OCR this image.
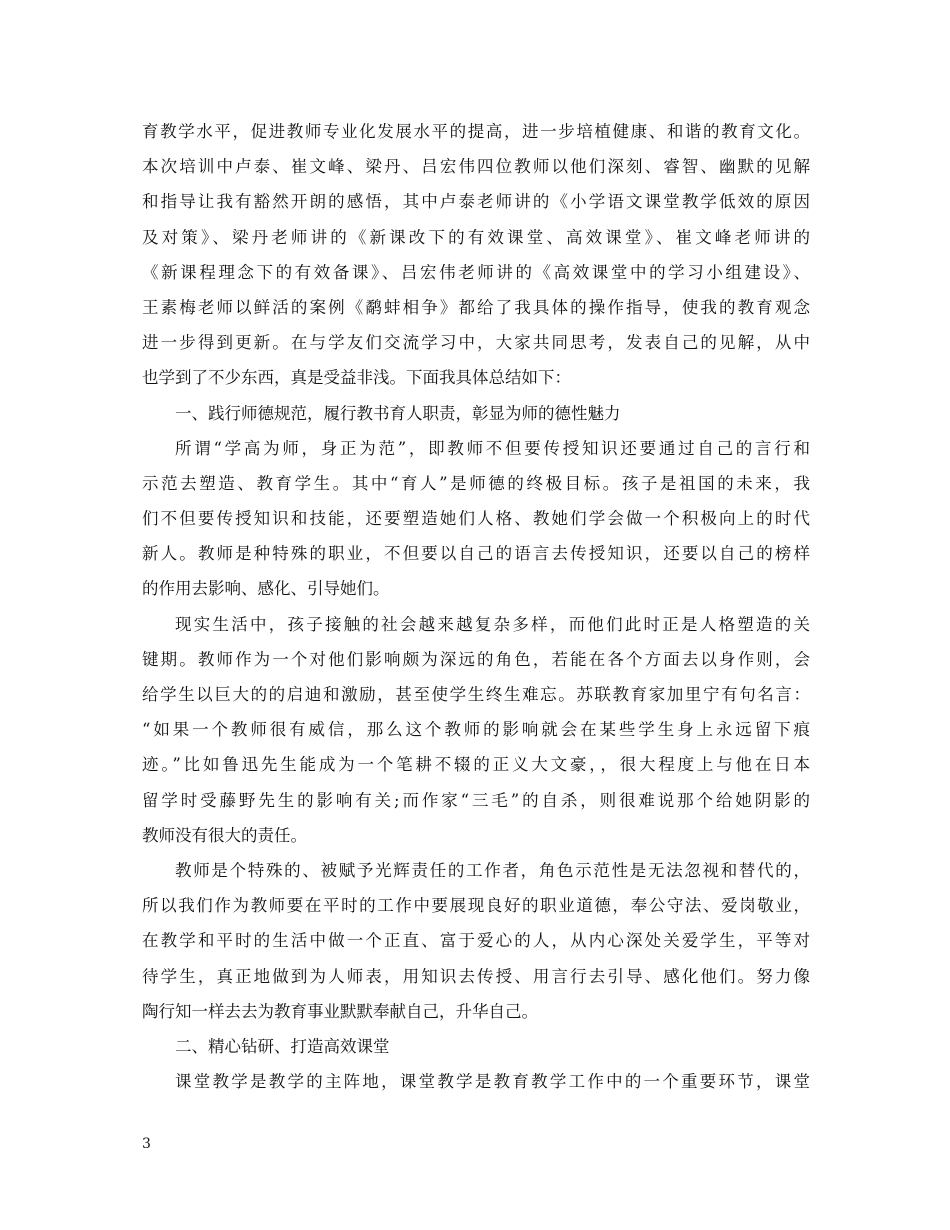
育教学水平，促进教师专业化发展水平的提高，进一步培植健康、和谐的教育文化。
本次培训中卢泰、崔文峰、梁丹、吕宏伟四位教师以他们深刻、睿智、幽默的见解
和指导让我有豁然开朗的感悟，其中卢泰老师讲的《小学语文课堂教学低效的原因
及对策》、梁丹老师讲的《新课改下的有效课堂、高效课堂》、崔文峰老师讲的
《新课程理念下的有效备课》、吕宏伟老师讲的《高效课堂中的学习小组建设》、
王素梅老师以鲜活的案例《鹬蚌相争》都给了我具体的操作指导，使我的教育观念
进一步得到更新。在与学友们交流学习中，大家共同思考，发表自己的见解，从中
也学到了不少东西，真是受益非浅。下面我具体总结如下：
一、践行师德规范，履行教书育人职责，彰显为师的德性魅力
所谓“学高为师，身正为范”，即教师不但要传授知识还要通过自己的言行和
示范去塑造、教育学生。其中“育人”是师德的终极目标。孩子是祖国的未来，我
们不但要传授知识和技能，还要塑造她们人格、教她们学会做一个积极向上的时代
新人。教师是种特殊的职业，不但要以自己的语言去传授知识，还要以自己的榜样
的作用去影响、感化、引导她们。
现实生活中，孩子接触的社会越来越复杂多样，而他们此时正是人格塑造的关
键期。教师作为一个对他们影响颇为深远的角色，若能在各个方面去以身作则，会
给学生以巨大的的启迪和激励，甚至使学生终生难忘。苏联教育家加里宁有句名言：
“如果一个教师很有威信，那么这个教师的影响就会在某些学生身上永远留下痕
迹。”比如鲁迅先生能成为一个笔耕不辍的正义大文豪，，很大程度上与他在日本
留学时受藤野先生的影响有关;而作家“三毛”的自杀，则很难说那个给她阴影的
教师没有很大的责任。
教师是个特殊的、被赋予光辉责任的工作者，角色示范性是无法忽视和替代的，
所以我们作为教师要在平时的工作中要展现良好的职业道德，奉公守法、爱岗敬业，
在教学和平时的生活中做一个正直、富于爱心的人，从内心深处关爱学生，平等对
待学生，真正地做到为人师表，用知识去传授、用言行去引导、感化他们。努力像
陶行知一样去去为教育事业默默奉献自己，升华自己。
二、精心钻研、打造高效课堂
课堂教学是教学的主阵地，课堂教学是教育教学工作中的一个重要环节，课堂
3
